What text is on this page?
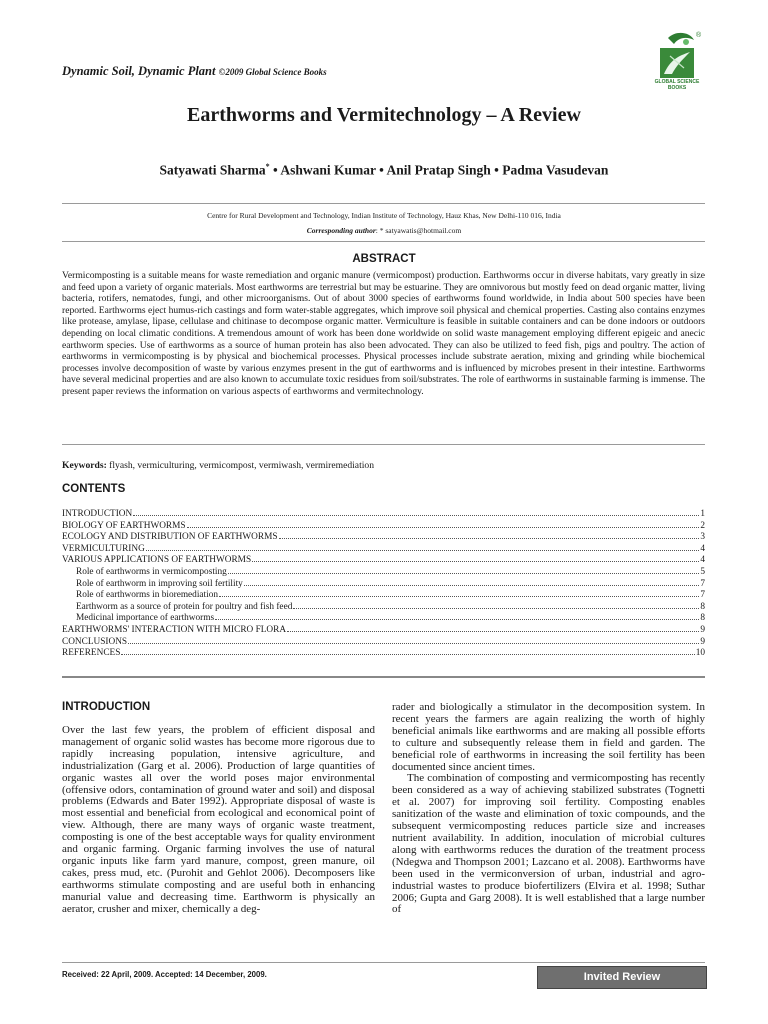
Dynamic Soil, Dynamic Plant ©2009 Global Science Books
GLOBAL SCIENCE
BOOKS
®
Earthworms and Vermitechnology – A Review
Satyawati Sharma* • Ashwani Kumar • Anil Pratap Singh • Padma Vasudevan
Centre for Rural Development and Technology, Indian Institute of Technology, Hauz Khas, New Delhi-110 016, India
Corresponding author: * satyawatis@hotmail.com
ABSTRACT
Vermicomposting is a suitable means for waste remediation and organic manure (vermicompost) production. Earthworms occur in diverse habitats, vary greatly in size and feed upon a variety of organic materials. Most earthworms are terrestrial but may be estuarine. They are omnivorous but mostly feed on dead organic matter, living bacteria, rotifers, nematodes, fungi, and other microorganisms. Out of about 3000 species of earthworms found worldwide, in India about 500 species have been reported. Earthworms eject humus-rich castings and form water-stable aggregates, which improve soil physical and chemical properties. Casting also contains enzymes like protease, amylase, lipase, cellulase and chitinase to decompose organic matter. Vermiculture is feasible in suitable containers and can be done indoors or outdoors depending on local climatic conditions. A tremendous amount of work has been done worldwide on solid waste management employing different epigeic and anecic earthworm species. Use of earthworms as a source of human protein has also been advocated. They can also be utilized to feed fish, pigs and poultry. The action of earthworms in vermicomposting is by physical and biochemical processes. Physical processes include substrate aeration, mixing and grinding while biochemical processes involve decomposition of waste by various enzymes present in the gut of earthworms and is influenced by microbes present in their intestine. Earthworms have several medicinal properties and are also known to accumulate toxic residues from soil/substrates. The role of earthworms in sustainable farming is immense. The present paper reviews the information on various aspects of earthworms and vermitechnology.
Keywords: flyash, vermiculturing, vermicompost, vermiwash, vermiremediation
CONTENTS
INTRODUCTION	1
BIOLOGY OF EARTHWORMS	2
ECOLOGY AND DISTRIBUTION OF EARTHWORMS	3
VERMICULTURING	4
VARIOUS APPLICATIONS OF EARTHWORMS	4
Role of earthworms in vermicomposting	5
Role of earthworm in improving soil fertility	7
Role of earthworms in bioremediation	7
Earthworm as a source of protein for poultry and fish feed	8
Medicinal importance of earthworms	8
EARTHWORMS' INTERACTION WITH MICRO FLORA	9
CONCLUSIONS	9
REFERENCES	10
INTRODUCTION

Over the last few years, the problem of efficient disposal and management of organic solid wastes has become more rigorous due to rapidly increasing population, intensive agriculture, and industrialization (Garg et al. 2006). Production of large quantities of organic wastes all over the world poses major environmental (offensive odors, contamination of ground water and soil) and disposal problems (Edwards and Bater 1992). Appropriate disposal of waste is most essential and beneficial from ecological and economical point of view. Although, there are many ways of organic waste treatment, composting is one of the best acceptable ways for quality environment and organic farming. Organic farming involves the use of natural organic inputs like farm yard manure, compost, green manure, oil cakes, press mud, etc. (Purohit and Gehlot 2006). Decomposers like earthworms stimulate composting and are useful both in enhancing manurial value and decreasing time. Earthworm is physically an aerator, crusher and mixer, chemically a deg-

rader and biologically a stimulator in the decomposition system. In recent years the farmers are again realizing the worth of highly beneficial animals like earthworms and are making all possible efforts to culture and subsequently release them in field and garden. The beneficial role of earthworms in increasing the soil fertility has been documented since ancient times.

The combination of composting and vermicomposting has recently been considered as a way of achieving stabilized substrates (Tognetti et al. 2007) for improving soil fertility. Composting enables sanitization of the waste and elimination of toxic compounds, and the subsequent vermicomposting reduces particle size and increases nutrient availability. In addition, inoculation of microbial cultures along with earthworms reduces the duration of the treatment process (Ndegwa and Thompson 2001; Lazcano et al. 2008). Earthworms have been used in the vermiconversion of urban, industrial and agro-industrial wastes to produce biofertilizers (Elvira et al. 1998; Suthar 2006; Gupta and Garg 2008). It is well established that a large number of

Received: 22 April, 2009. Accepted: 14 December, 2009.	Invited Review
